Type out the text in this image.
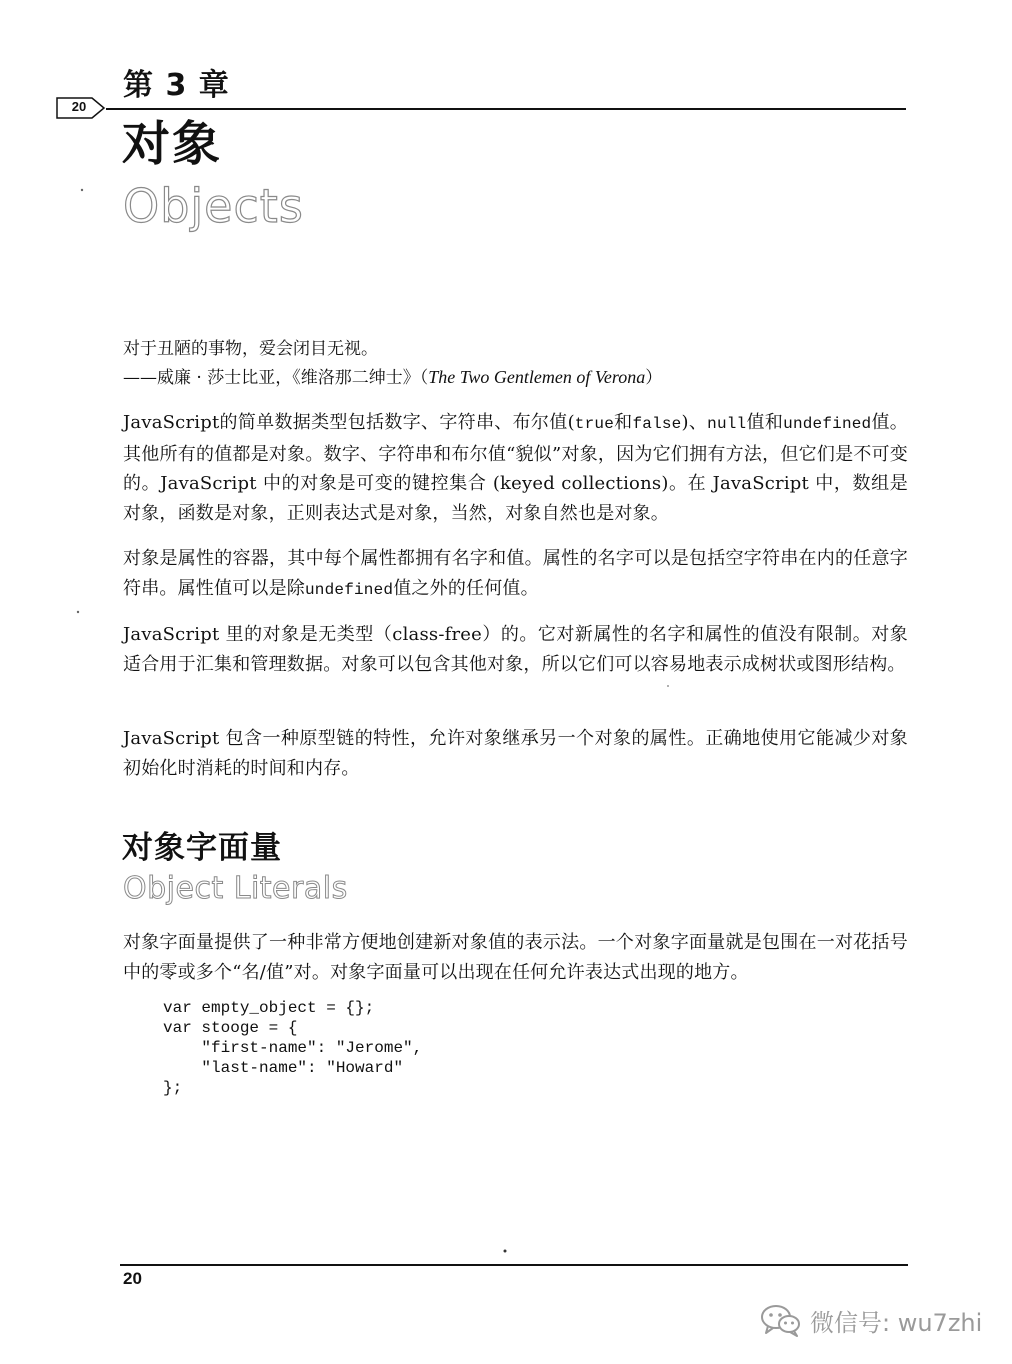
20
第 3 章
对象
Objects
对于丑陋的事物，爱会闭目无视。
——威廉 · 莎士比亚，《维洛那二绅士》（The Two Gentlemen of Verona）
JavaScript的简单数据类型包括数字、字符串、布尔值(true和false)、null值和undefined值。其他所有的值都是对象。数字、字符串和布尔值“貌似”对象，因为它们拥有方法，但它们是不可变的。JavaScript 中的对象是可变的键控集合 (keyed collections)。在 JavaScript 中，数组是对象，函数是对象，正则表达式是对象，当然，对象自然也是对象。
对象是属性的容器，其中每个属性都拥有名字和值。属性的名字可以是包括空字符串在内的任意字符串。属性值可以是除undefined值之外的任何值。
JavaScript 里的对象是无类型（class-free）的。它对新属性的名字和属性的值没有限制。对象适合用于汇集和管理数据。对象可以包含其他对象，所以它们可以容易地表示成树状或图形结构。
JavaScript 包含一种原型链的特性，允许对象继承另一个对象的属性。正确地使用它能减少对象初始化时消耗的时间和内存。
对象字面量
Object Literals
对象字面量提供了一种非常方便地创建新对象值的表示法。一个对象字面量就是包围在一对花括号中的零或多个“名/值”对。对象字面量可以出现在任何允许表达式出现的地方。
var empty_object = {};
var stooge = {
"first-name": "Jerome",
"last-name": "Howard"
};
20
微信号: wu7zhi
